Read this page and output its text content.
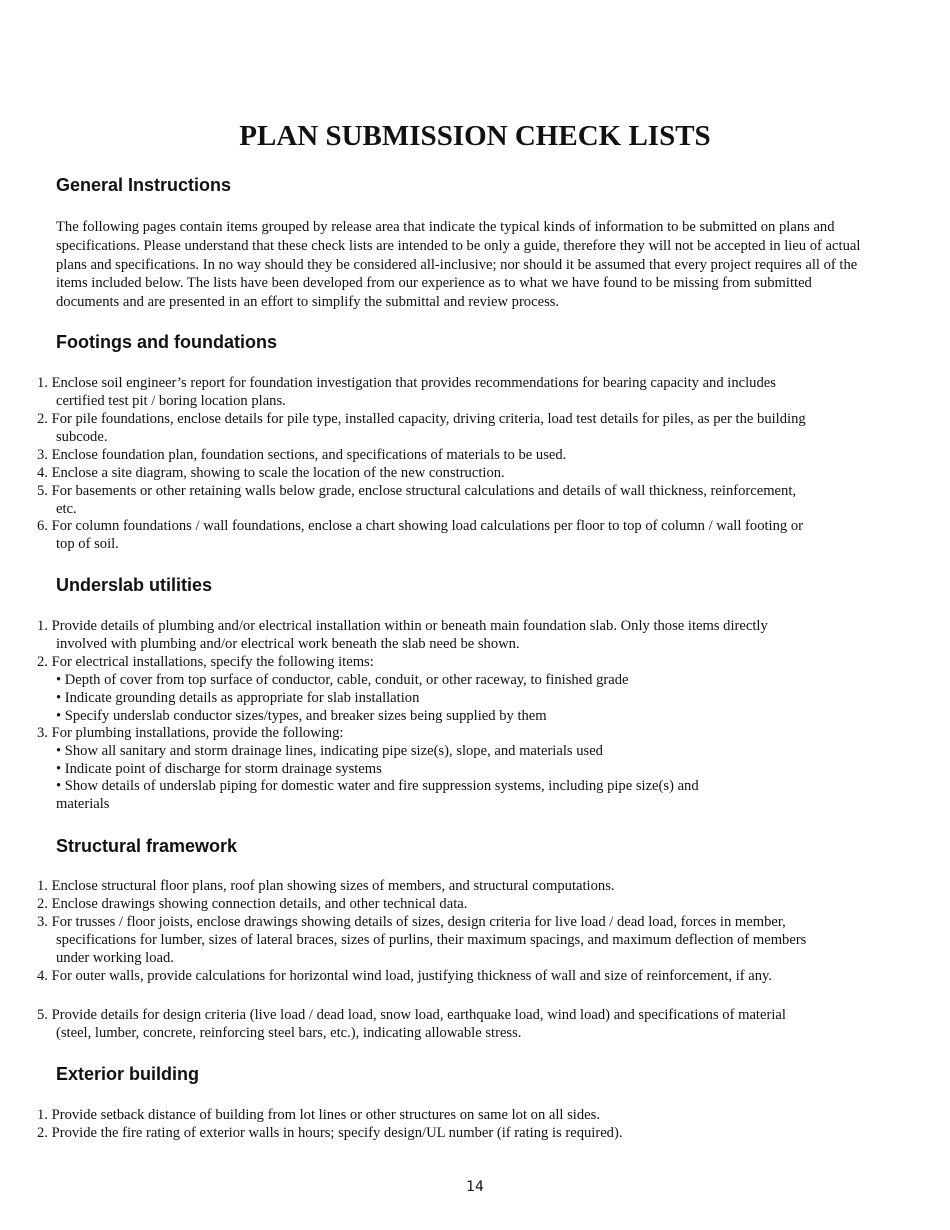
PLAN SUBMISSION CHECK LISTS
General Instructions

The following pages contain items grouped by release area that indicate the typical kinds of information to be submitted on plans and specifications. Please understand that these check lists are intended to be only a guide, therefore they will not be accepted in lieu of actual plans and specifications. In no way should they be considered all-inclusive; nor should it be assumed that every project requires all of the items included below. The lists have been developed from our experience as to what we have found to be missing from submitted documents and are presented in an effort to simplify the submittal and review process.

Footings and foundations
1. Enclose soil engineer’s report for foundation investigation that provides recommendations for bearing capacity and includes
certified test pit / boring location plans.
2. For pile foundations, enclose details for pile type, installed capacity, driving criteria, load test details for piles, as per the building
subcode.
3. Enclose foundation plan, foundation sections, and specifications of materials to be used.
4. Enclose a site diagram, showing to scale the location of the new construction.
5. For basements or other retaining walls below grade, enclose structural calculations and details of wall thickness, reinforcement,
etc.
6. For column foundations / wall foundations, enclose a chart showing load calculations per floor to top of column / wall footing or
top of soil.
Underslab utilities
1. Provide details of plumbing and/or electrical installation within or beneath main foundation slab. Only those items directly
involved with plumbing and/or electrical work beneath the slab need be shown.
2. For electrical installations, specify the following items:
• Depth of cover from top surface of conductor, cable, conduit, or other raceway, to finished grade
• Indicate grounding details as appropriate for slab installation
• Specify underslab conductor sizes/types, and breaker sizes being supplied by them
3. For plumbing installations, provide the following:
• Show all sanitary and storm drainage lines, indicating pipe size(s), slope, and materials used
• Indicate point of discharge for storm drainage systems
• Show details of underslab piping for domestic water and fire suppression systems, including pipe size(s) and
materials
Structural framework
1. Enclose structural floor plans, roof plan showing sizes of members, and structural computations.
2. Enclose drawings showing connection details, and other technical data.
3. For trusses / floor joists, enclose drawings showing details of sizes, design criteria for live load / dead load, forces in member,
specifications for lumber, sizes of lateral braces, sizes of purlins, their maximum spacings, and maximum deflection of members
under working load.
4. For outer walls, provide calculations for horizontal wind load, justifying thickness of wall and size of reinforcement, if any.
5. Provide details for design criteria (live load / dead load, snow load, earthquake load, wind load) and specifications of material
(steel, lumber, concrete, reinforcing steel bars, etc.), indicating allowable stress.
Exterior building
1. Provide setback distance of building from lot lines or other structures on same lot on all sides.
2. Provide the fire rating of exterior walls in hours; specify design/UL number (if rating is required).
14
